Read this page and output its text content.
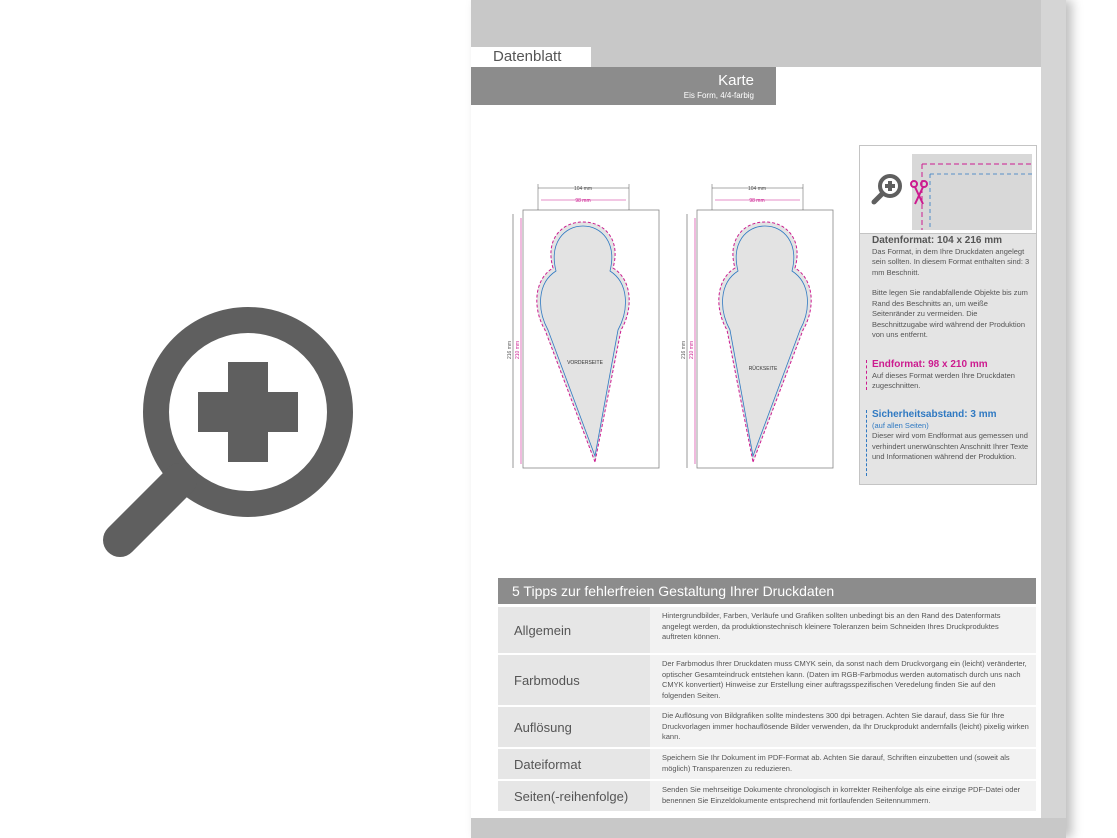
Datenblatt
Karte
Eis Form, 4/4-farbig
104 mm
98 mm
216 mm 210 mm
VORDERSEITE
104 mm
98 mm
216 mm 210 mm
RÜCKSEITE
Datenformat: 104 x 216 mm
Das Format, in dem Ihre Druckdaten angelegt sein sollten. In diesem Format enthalten sind: 3 mm Beschnitt.
Bitte legen Sie randabfallende Objekte bis zum Rand des Beschnitts an, um weiße Seitenränder zu vermeiden. Die Beschnittzugabe wird während der Produktion von uns entfernt.
Endformat: 98 x 210 mm
Auf dieses Format werden Ihre Druckdaten zugeschnitten.
Sicherheitsabstand: 3 mm
(auf allen Seiten)
Dieser wird vom Endformat aus gemessen und verhindert unerwünschten Anschnitt Ihrer Texte und Informationen während der Produktion.
5 Tipps zur fehlerfreien Gestaltung Ihrer Druckdaten
Allgemein
Hintergrundbilder, Farben, Verläufe und Grafiken sollten unbedingt bis an den Rand des Datenformats angelegt werden, da produktionstechnisch kleinere Toleranzen beim Schneiden Ihres Druckproduktes auftreten können.
Farbmodus
Der Farbmodus Ihrer Druckdaten muss CMYK sein, da sonst nach dem Druckvorgang ein (leicht) veränderter, optischer Gesamteindruck entstehen kann. (Daten im RGB-Farbmodus werden automatisch durch uns nach CMYK konvertiert) Hinweise zur Erstellung einer auftragsspezifischen Veredelung finden Sie auf den folgenden Seiten.
Auflösung
Die Auflösung von Bildgrafiken sollte mindestens 300 dpi betragen. Achten Sie darauf, dass Sie für Ihre Druckvorlagen immer hochauflösende Bilder verwenden, da Ihr Druckprodukt andernfalls (leicht) pixelig wirken kann.
Dateiformat	Speichern Sie Ihr Dokument im PDF-Format ab. Achten Sie darauf, Schriften einzubetten und (soweit als möglich) Transparenzen zu reduzieren.
Seiten(-reihenfolge)	Senden Sie mehrseitige Dokumente chronologisch in korrekter Reihenfolge als eine einzige PDF-Datei oder benennen Sie Einzeldokumente entsprechend mit fortlaufenden Seitennummern.
